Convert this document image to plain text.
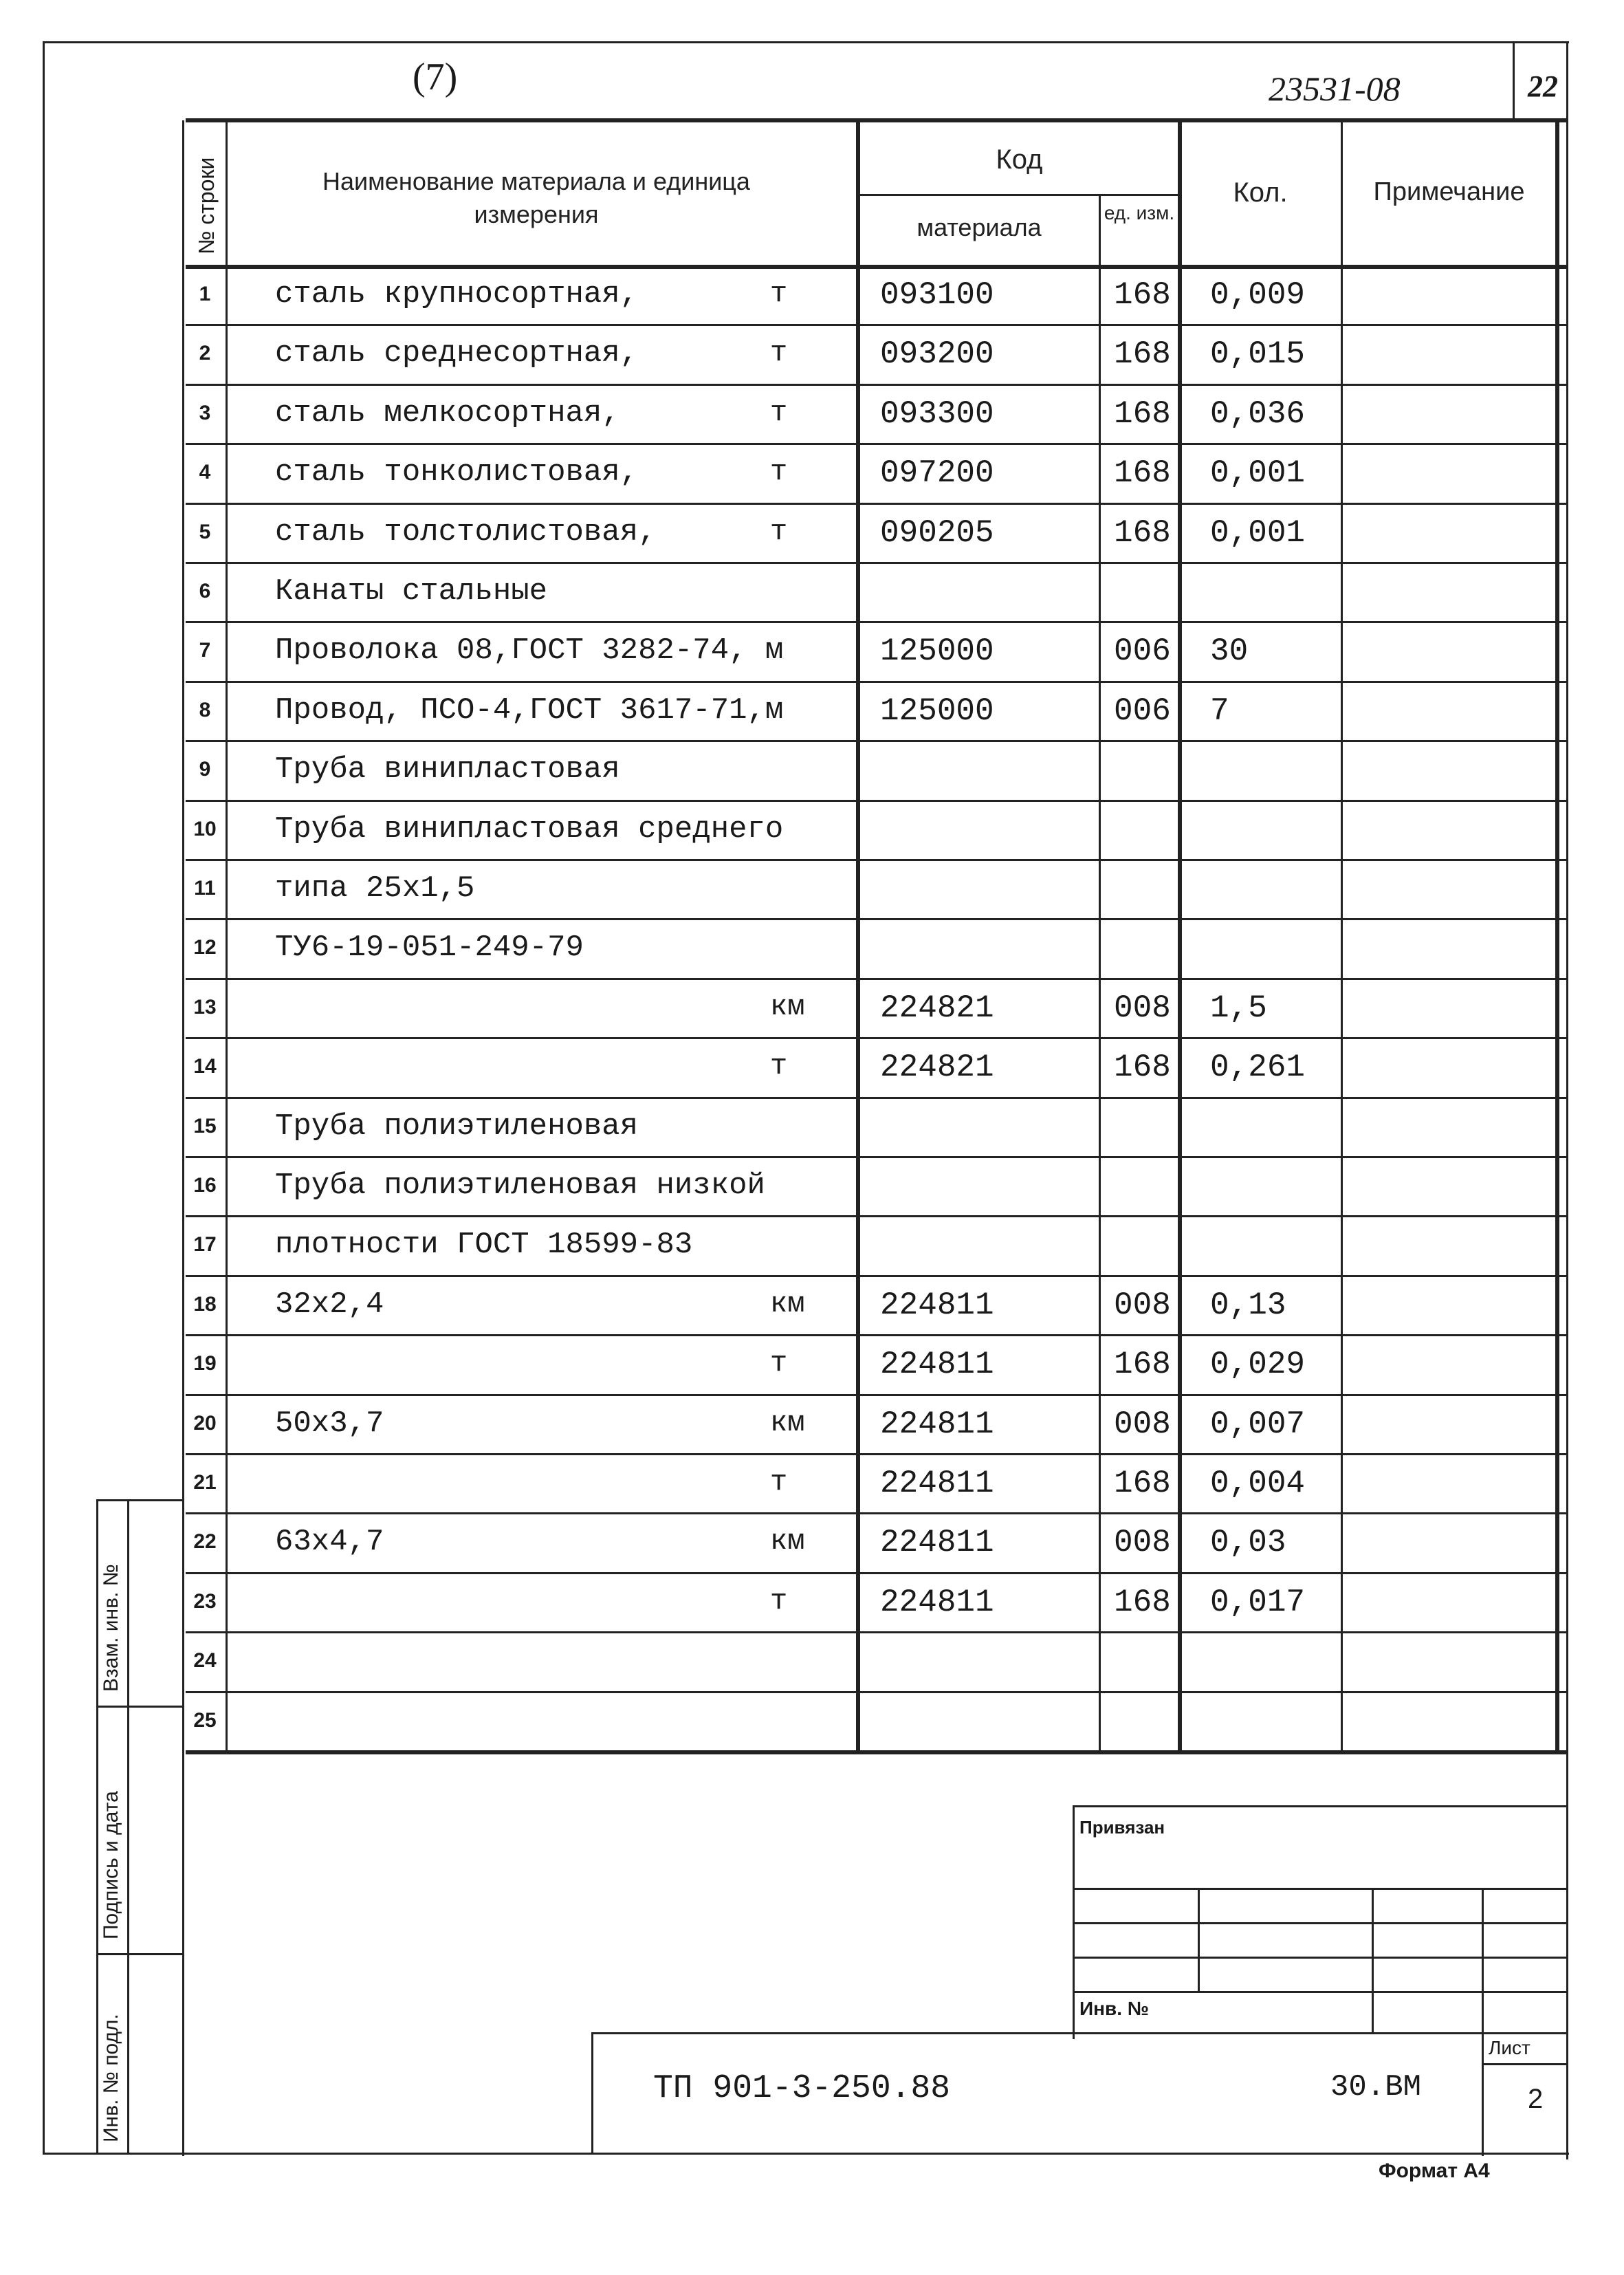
(7)	23531-08	22
№ строки	Наименование материала и единица измерения
Код
материала
ед. изм.
Кол.	Примечание
1 сталь крупносортная,	т	093100	168 0,009
2 сталь среднесортная,	т	093200	168 0,015
3 сталь мелкосортная,	т	093300	168 0,036
4 сталь тонколистовая,	т	097200	168 0,001
5 сталь толстолистовая,	т	090205	168 0,001
6 Канаты стальные
7 Проволока 08,ГОСТ 3282-74, м	125000	006 30
8 Провод, ПСО-4,ГОСТ 3617-71,м	125000	006 7
9 Труба винипластовая
10 Труба винипластовая среднего
11 типа 25x1,5
12 ТУ6-19-051-249-79
13	км 224821	008 1,5
14	т	224821	168 0,261
15 Труба полиэтиленовая
16 Труба полиэтиленовая низкой
17 плотности ГОСТ 18599-83
18 32x2,4	км 224811	008 0,13
19	т	224811	168 0,029
20 50x3,7	км 224811	008 0,007
21	т	224811	168 0,004
22 63x4,7	км 224811	008 0,03
23	т	224811	168 0,017
24
25
Взам. инв. №
Подпись и дата
Инв. № подл.
Привязан
Инв. №
ТП 901-3-250.88	30.ВМ
Лист
2
Формат А4
